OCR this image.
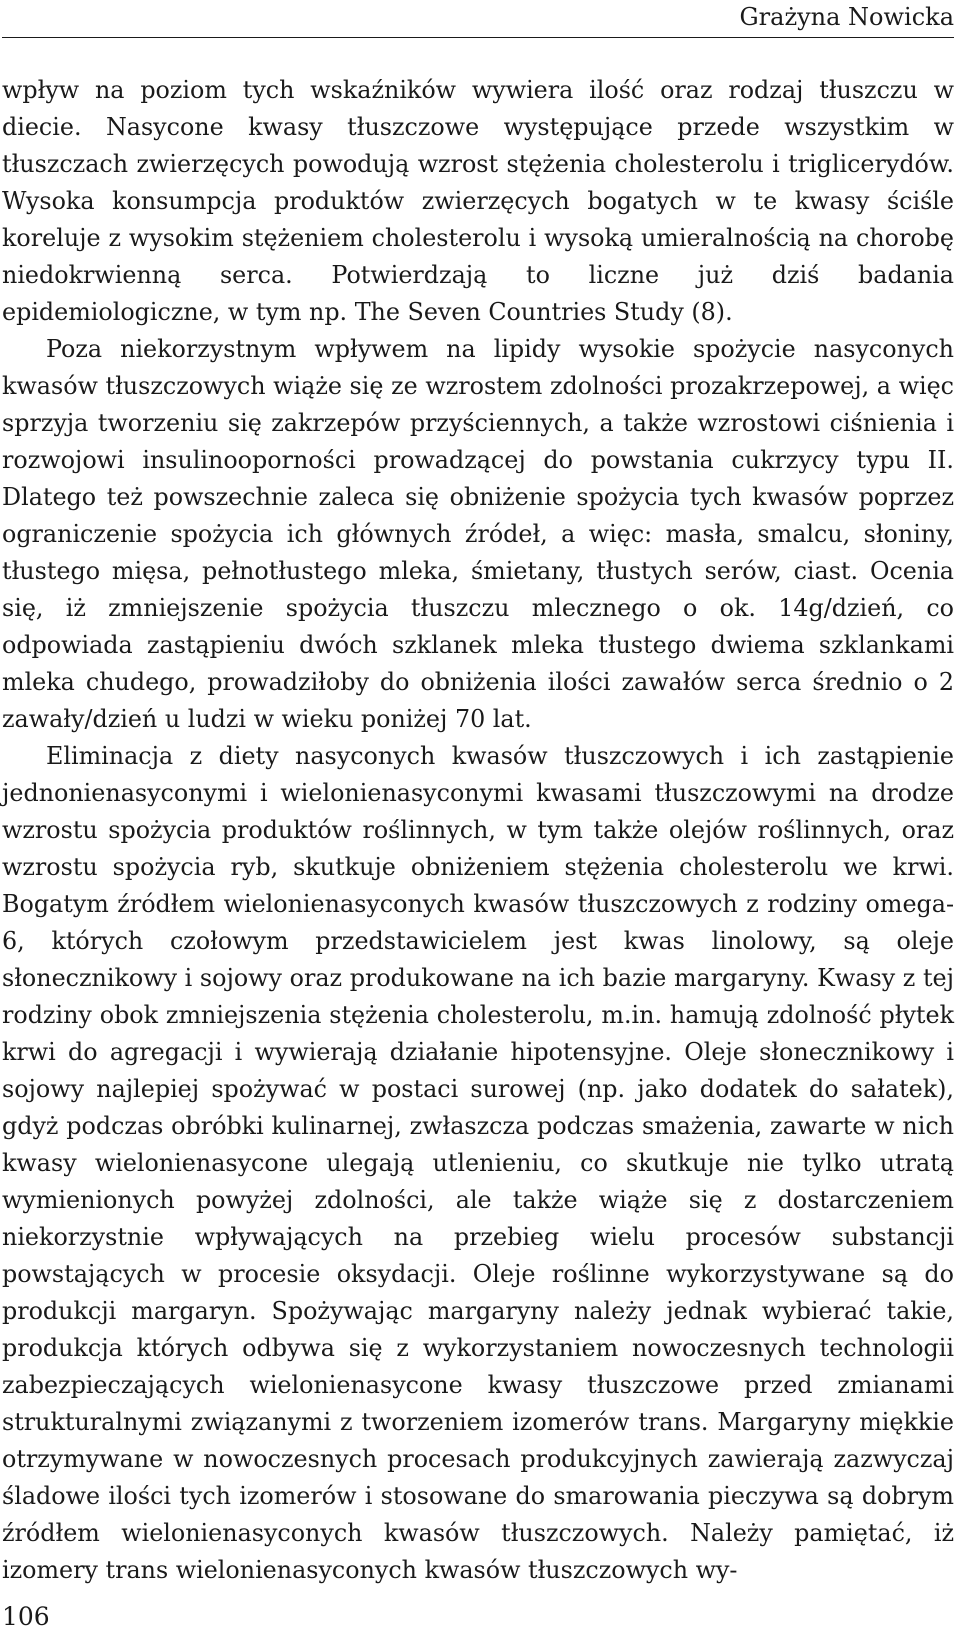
Grażyna Nowicka

wpływ na poziom tych wskaźników wywiera ilość oraz rodzaj tłuszczu w diecie. Nasycone kwasy tłuszczowe występujące przede wszystkim w tłuszczach zwierzęcych powodują wzrost stężenia cholesterolu i triglicerydów. Wysoka konsumpcja produktów zwierzęcych bogatych w te kwasy ściśle koreluje z wysokim stężeniem cholesterolu i wysoką umieralnością na chorobę niedokrwienną serca. Potwierdzają to liczne już dziś badania epidemiologiczne, w tym np. The Seven Countries Study (8).

Poza niekorzystnym wpływem na lipidy wysokie spożycie nasyconych kwasów tłuszczowych wiąże się ze wzrostem zdolności prozakrzepowej, a więc sprzyja tworzeniu się zakrzepów przyściennych, a także wzrostowi ciśnienia i rozwojowi insulinooporności prowadzącej do powstania cukrzycy typu II. Dlatego też powszechnie zaleca się obniżenie spożycia tych kwasów poprzez ograniczenie spożycia ich głównych źródeł, a więc: masła, smalcu, słoniny, tłustego mięsa, pełnotłustego mleka, śmietany, tłustych serów, ciast. Ocenia się, iż zmniejszenie spożycia tłuszczu mlecznego o ok. 14g/dzień, co odpowiada zastąpieniu dwóch szklanek mleka tłustego dwiema szklankami mleka chudego, prowadziłoby do obniżenia ilości zawałów serca średnio o 2 zawały/dzień u ludzi w wieku poniżej 70 lat.

Eliminacja z diety nasyconych kwasów tłuszczowych i ich zastąpienie jednonienasyconymi i wielonienasyconymi kwasami tłuszczowymi na drodze wzrostu spożycia produktów roślinnych, w tym także olejów roślinnych, oraz wzrostu spożycia ryb, skutkuje obniżeniem stężenia cholesterolu we krwi. Bogatym źródłem wielonienasyconych kwasów tłuszczowych z rodziny omega-6, których czołowym przedstawicielem jest kwas linolowy, są oleje słonecznikowy i sojowy oraz produkowane na ich bazie margaryny. Kwasy z tej rodziny obok zmniejszenia stężenia cholesterolu, m.in. hamują zdolność płytek krwi do agregacji i wywierają działanie hipotensyjne. Oleje słonecznikowy i sojowy najlepiej spożywać w postaci surowej (np. jako dodatek do sałatek), gdyż podczas obróbki kulinarnej, zwłaszcza podczas smażenia, zawarte w nich kwasy wielonienasycone ulegają utlenieniu, co skutkuje nie tylko utratą wymienionych powyżej zdolności, ale także wiąże się z dostarczeniem niekorzystnie wpływających na przebieg wielu procesów substancji powstających w procesie oksydacji. Oleje roślinne wykorzystywane są do produkcji margaryn. Spożywając margaryny należy jednak wybierać takie, produkcja których odbywa się z wykorzystaniem nowoczesnych technologii zabezpieczających wielonienasycone kwasy tłuszczowe przed zmianami strukturalnymi związanymi z tworzeniem izomerów trans. Margaryny miękkie otrzymywane w nowoczesnych procesach produkcyjnych zawierają zazwyczaj śladowe ilości tych izomerów i stosowane do smarowania pieczywa są dobrym źródłem wielonienasyconych kwasów tłuszczowych. Należy pamiętać, iż izomery trans wielonienasyconych kwasów tłuszczowych wy-

106
